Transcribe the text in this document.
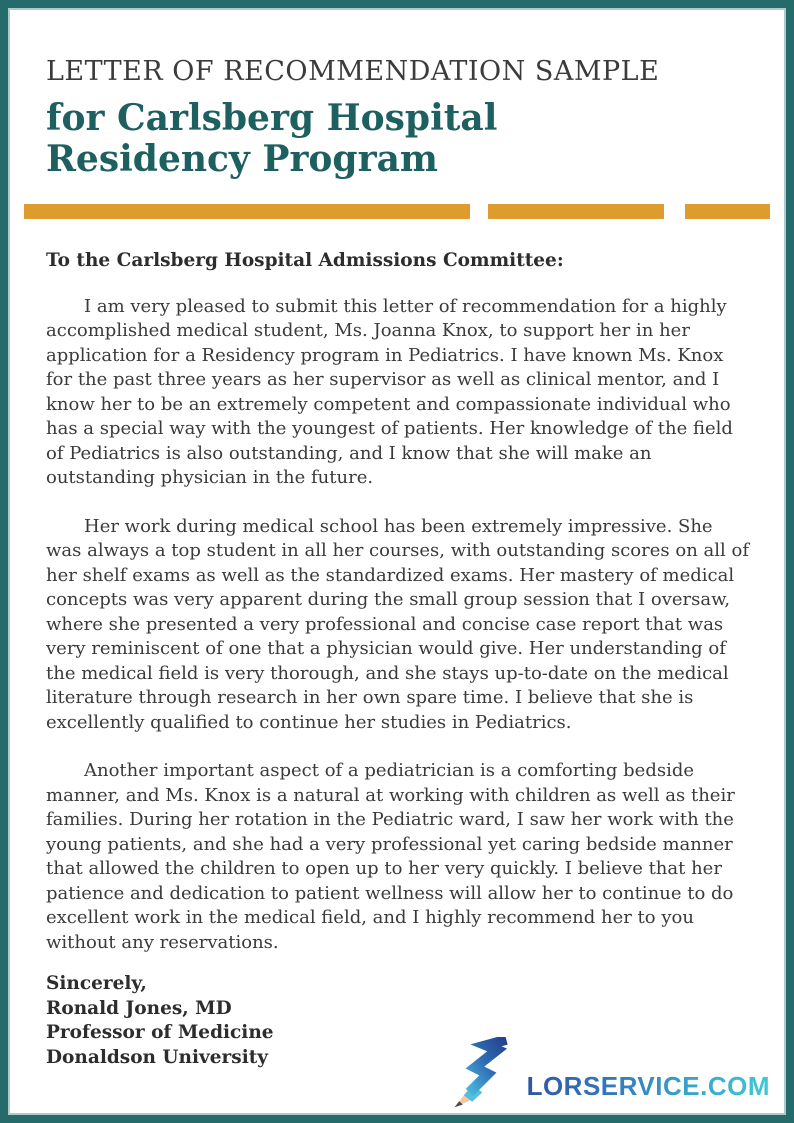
LETTER OF RECOMMENDATION SAMPLE
for Carlsberg Hospital
Residency Program
To the Carlsberg Hospital Admissions Committee:

I am very pleased to submit this letter of recommendation for a highly accomplished medical student, Ms. Joanna Knox, to support her in her application for a Residency program in Pediatrics. I have known Ms. Knox for the past three years as her supervisor as well as clinical mentor, and I know her to be an extremely competent and compassionate individual who has a special way with the youngest of patients. Her knowledge of the field of Pediatrics is also outstanding, and I know that she will make an outstanding physician in the future.

Her work during medical school has been extremely impressive. She was always a top student in all her courses, with outstanding scores on all of her shelf exams as well as the standardized exams. Her mastery of medical concepts was very apparent during the small group session that I oversaw, where she presented a very professional and concise case report that was very reminiscent of one that a physician would give. Her understanding of the medical field is very thorough, and she stays up-to-date on the medical literature through research in her own spare time. I believe that she is excellently qualified to continue her studies in Pediatrics.

Another important aspect of a pediatrician is a comforting bedside manner, and Ms. Knox is a natural at working with children as well as their families. During her rotation in the Pediatric ward, I saw her work with the young patients, and she had a very professional yet caring bedside manner that allowed the children to open up to her very quickly. I believe that her patience and dedication to patient wellness will allow her to continue to do excellent work in the medical field, and I highly recommend her to you without any reservations.

Sincerely,
Ronald Jones, MD
Professor of Medicine
Donaldson University
LORSERVICE.COM
